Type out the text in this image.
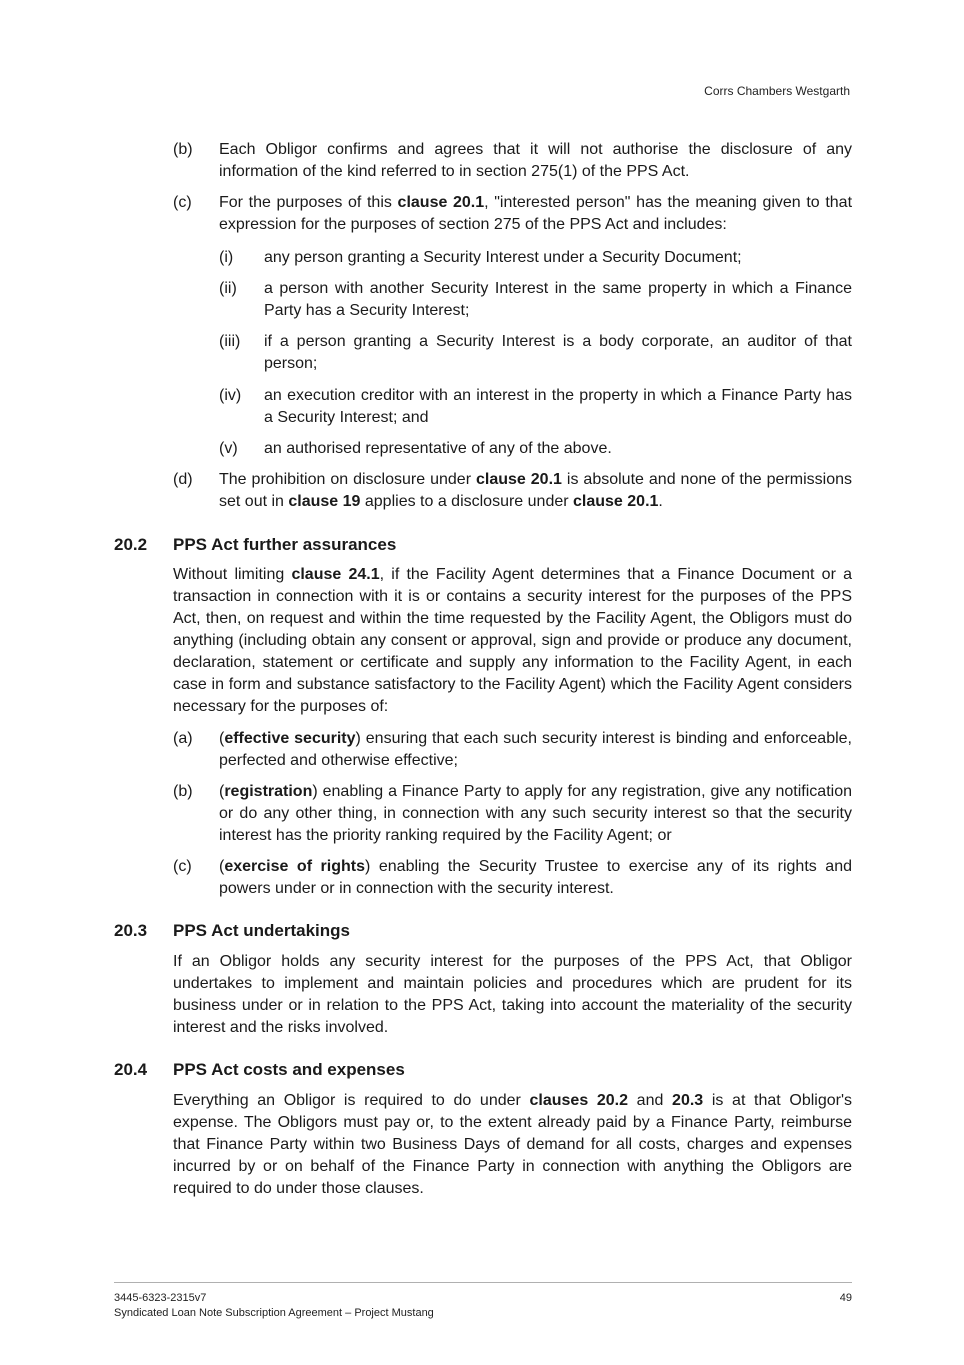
Corrs Chambers Westgarth
(b) Each Obligor confirms and agrees that it will not authorise the disclosure of any information of the kind referred to in section 275(1) of the PPS Act.
(c) For the purposes of this clause 20.1, "interested person" has the meaning given to that expression for the purposes of section 275 of the PPS Act and includes:
(i) any person granting a Security Interest under a Security Document;
(ii) a person with another Security Interest in the same property in which a Finance Party has a Security Interest;
(iii) if a person granting a Security Interest is a body corporate, an auditor of that person;
(iv) an execution creditor with an interest in the property in which a Finance Party has a Security Interest; and
(v) an authorised representative of any of the above.
(d) The prohibition on disclosure under clause 20.1 is absolute and none of the permissions set out in clause 19 applies to a disclosure under clause 20.1.
20.2 PPS Act further assurances
Without limiting clause 24.1, if the Facility Agent determines that a Finance Document or a transaction in connection with it is or contains a security interest for the purposes of the PPS Act, then, on request and within the time requested by the Facility Agent, the Obligors must do anything (including obtain any consent or approval, sign and provide or produce any document, declaration, statement or certificate and supply any information to the Facility Agent, in each case in form and substance satisfactory to the Facility Agent) which the Facility Agent considers necessary for the purposes of:
(a) (effective security) ensuring that each such security interest is binding and enforceable, perfected and otherwise effective;
(b) (registration) enabling a Finance Party to apply for any registration, give any notification or do any other thing, in connection with any such security interest so that the security interest has the priority ranking required by the Facility Agent; or
(c) (exercise of rights) enabling the Security Trustee to exercise any of its rights and powers under or in connection with the security interest.
20.3 PPS Act undertakings
If an Obligor holds any security interest for the purposes of the PPS Act, that Obligor undertakes to implement and maintain policies and procedures which are prudent for its business under or in relation to the PPS Act, taking into account the materiality of the security interest and the risks involved.
20.4 PPS Act costs and expenses
Everything an Obligor is required to do under clauses 20.2 and 20.3 is at that Obligor's expense. The Obligors must pay or, to the extent already paid by a Finance Party, reimburse that Finance Party within two Business Days of demand for all costs, charges and expenses incurred by or on behalf of the Finance Party in connection with anything the Obligors are required to do under those clauses.
3445-6323-2315v7
Syndicated Loan Note Subscription Agreement – Project Mustang
49
